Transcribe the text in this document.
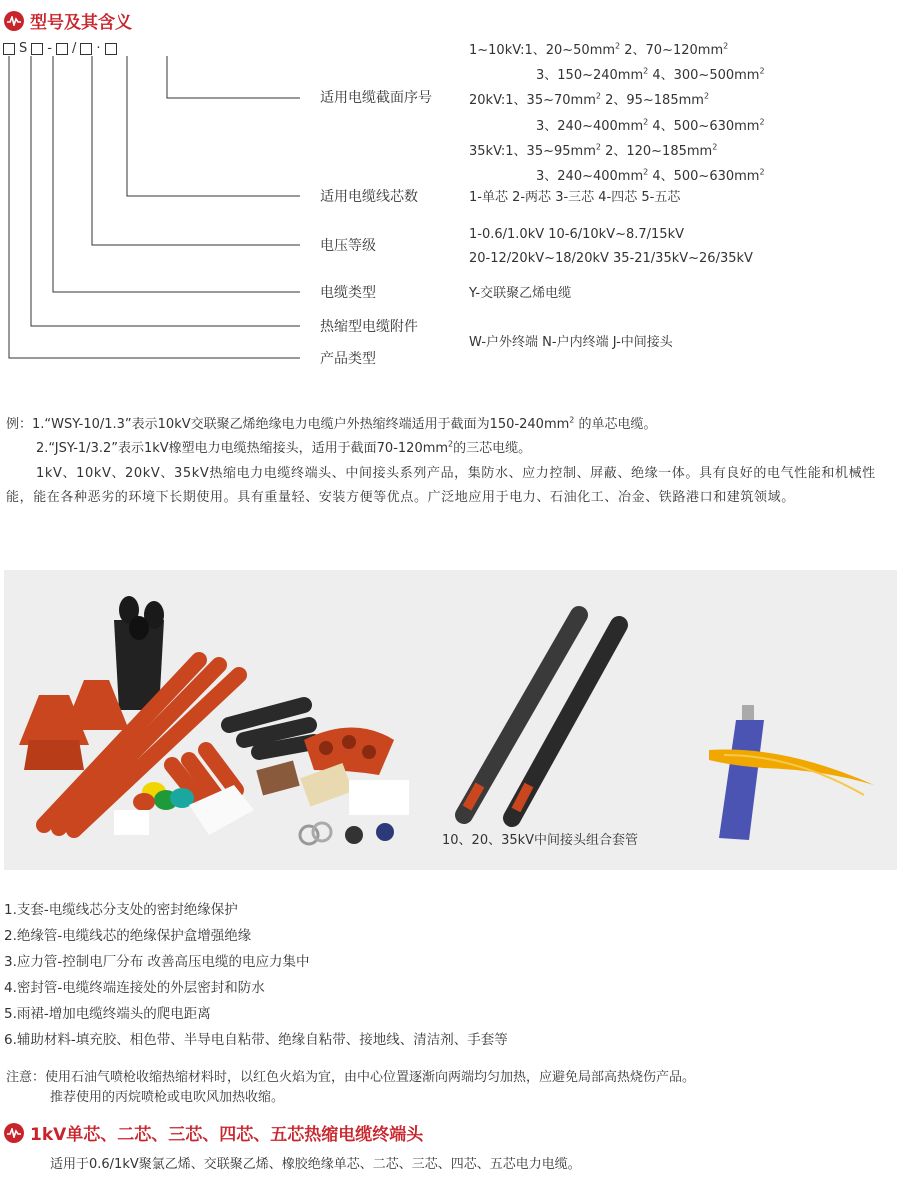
型号及其含义
S - / ·
适用电缆截面序号
适用电缆线芯数
电压等级
电缆类型
热缩型电缆附件
产品类型
1~10kV:1、$20\sim 50mm^2$ 2、$70\sim 120mm^2$
3、$150\sim 240mm^2$ 4、$300\sim 500mm^2$
20kV:1、$35\sim 70mm^2$ 2、$95\sim 185mm^2$
3、$240\sim 400mm^2$ 4、$500\sim 630mm^2$
35kV:1、$35\sim 95mm^2$ 2、$120\sim 185mm^2$
3、$240\sim 400mm^2$ 4、$500\sim 630mm^2$
1-单芯 2-两芯 3-三芯 4-四芯 5-五芯
1-0.6/1.0kV 10-6/10kV~8.7/15kV
20-12/20kV~18/20kV 35-21/35kV~26/35kV
Y-交联聚乙烯电缆
W-户外终端 N-户内终端 J-中间接头
例：1.“WSY-10/1.3”表示10kV交联聚乙烯绝缘电力电缆户外热缩终端适用于截面为$150-240mm^2$ 的单芯电缆。
2.“JSY-1/3.2”表示1kV橡塑电力电缆热缩接头，适用于截面$70-120mm^2$的三芯电缆。
1kV、10kV、20kV、35kV热缩电力电缆终端头、中间接头系列产品，集防水、应力控制、屏蔽、绝缘一体。具有良好的电气性能和机械性能，能在各种恶劣的环境下长期使用。具有重量轻、安装方便等优点。广泛地应用于电力、石油化工、冶金、铁路港口和建筑领域。
10、20、35kV中间接头组合套管
1.支套-电缆线芯分支处的密封绝缘保护
2.绝缘管-电缆线芯的绝缘保护盒增强绝缘
3.应力管-控制电厂分布 改善高压电缆的电应力集中
4.密封管-电缆终端连接处的外层密封和防水
5.雨裙-增加电缆终端头的爬电距离
6.辅助材料-填充胶、相色带、半导电自粘带、绝缘自粘带、接地线、清洁剂、手套等
注意：使用石油气喷枪收缩热缩材料时，以红色火焰为宜，由中心位置逐渐向两端均匀加热，应避免局部高热烧伤产品。
推荐使用的丙烷喷枪或电吹风加热收缩。
1kV单芯、二芯、三芯、四芯、五芯热缩电缆终端头
适用于0.6/1kV聚氯乙烯、交联聚乙烯、橡胶绝缘单芯、二芯、三芯、四芯、五芯电力电缆。
